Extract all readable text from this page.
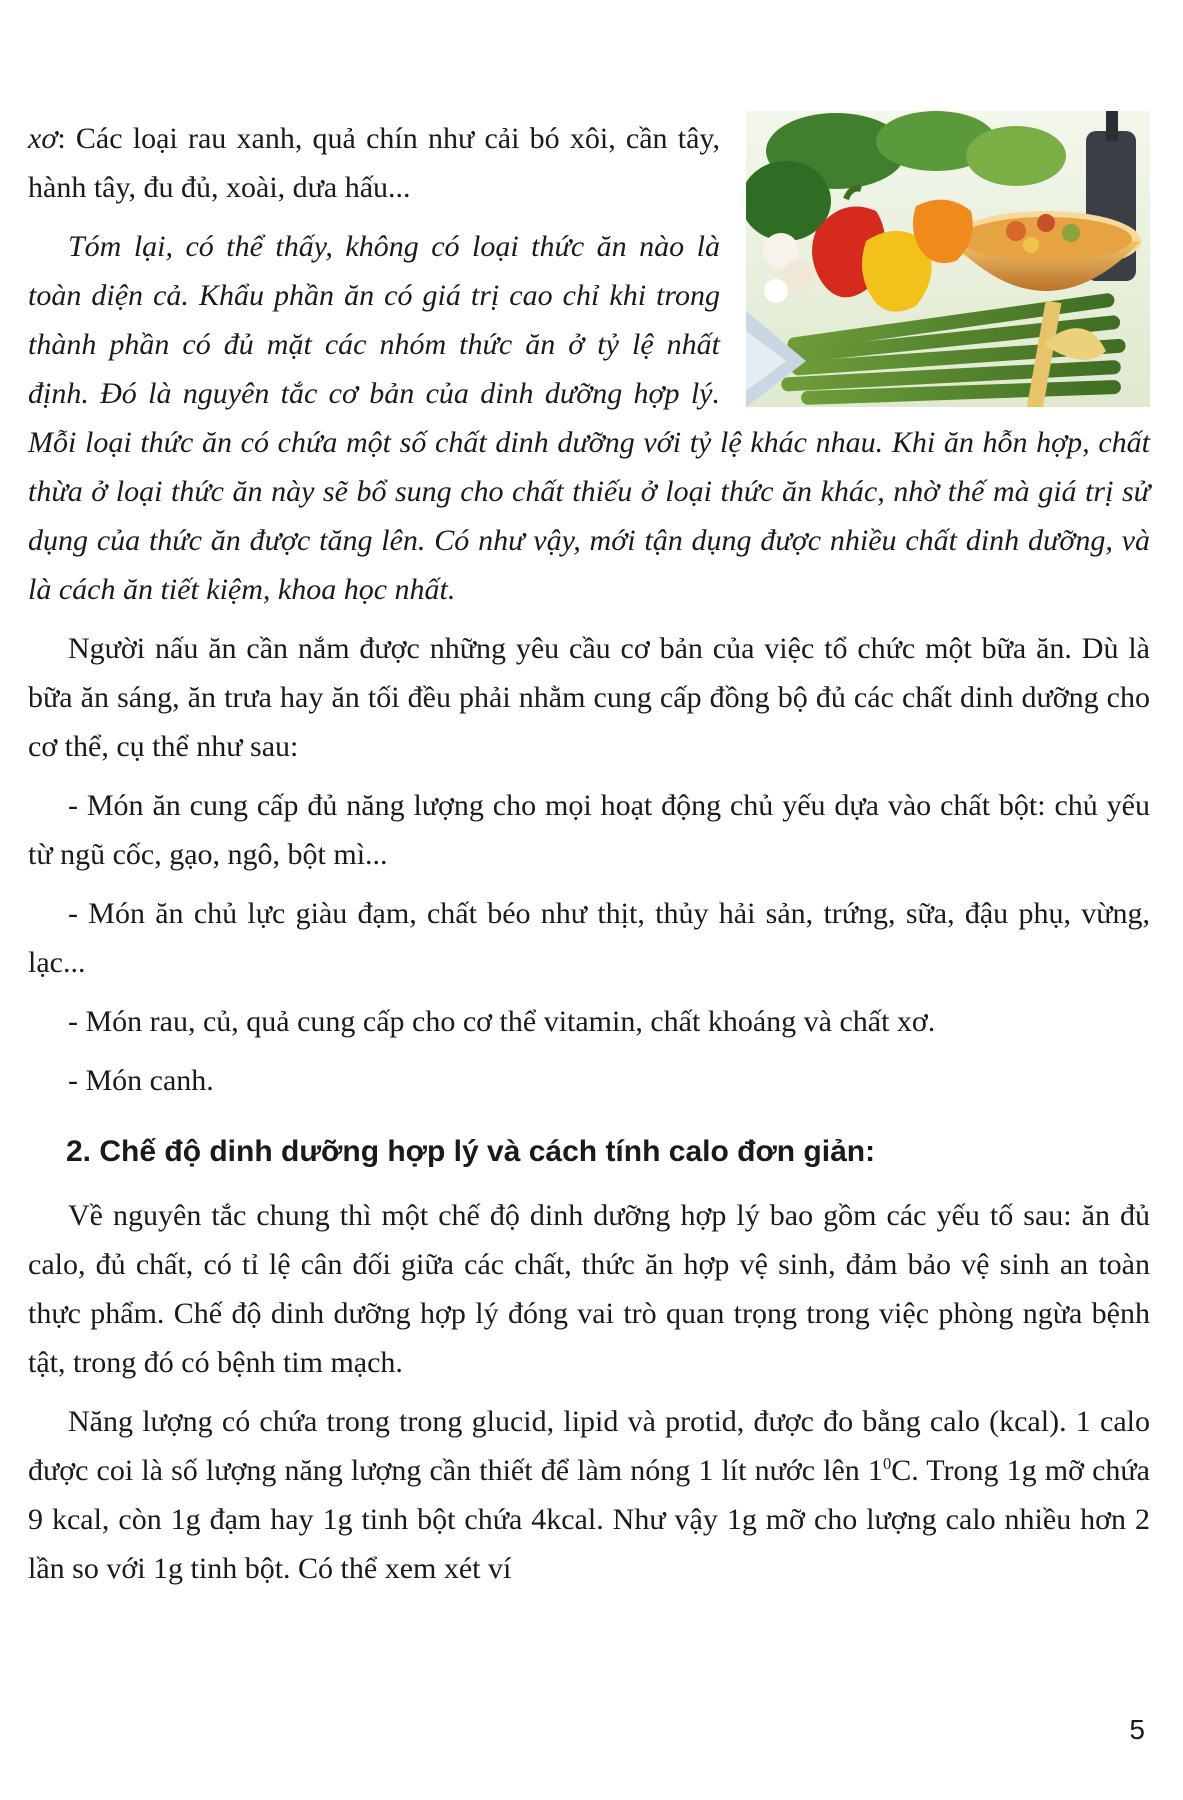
xơ: Các loại rau xanh, quả chín như cải bó xôi, cần tây, hành tây, đu đủ, xoài, dưa hấu...

Tóm lại, có thể thấy, không có loại thức ăn nào là toàn diện cả. Khẩu phần ăn có giá trị cao chỉ khi trong thành phần có đủ mặt các nhóm thức ăn ở tỷ lệ nhất định. Đó là nguyên tắc cơ bản của dinh dưỡng hợp lý. Mỗi loại thức ăn có chứa một số chất dinh dưỡng với tỷ lệ khác nhau. Khi ăn hỗn hợp, chất thừa ở loại thức ăn này sẽ bổ sung cho chất thiếu ở loại thức ăn khác, nhờ thế mà giá trị sử dụng của thức ăn được tăng lên. Có như vậy, mới tận dụng được nhiều chất dinh dưỡng, và là cách ăn tiết kiệm, khoa học nhất.

Người nấu ăn cần nắm được những yêu cầu cơ bản của việc tổ chức một bữa ăn. Dù là bữa ăn sáng, ăn trưa hay ăn tối đều phải nhằm cung cấp đồng bộ đủ các chất dinh dưỡng cho cơ thể, cụ thể như sau:

- Món ăn cung cấp đủ năng lượng cho mọi hoạt động chủ yếu dựa vào chất bột: chủ yếu từ ngũ cốc, gạo, ngô, bột mì...

- Món ăn chủ lực giàu đạm, chất béo như thịt, thủy hải sản, trứng, sữa, đậu phụ, vừng, lạc...

- Món rau, củ, quả cung cấp cho cơ thể vitamin, chất khoáng và chất xơ.

- Món canh.

2. Chế độ dinh dưỡng hợp lý và cách tính calo đơn giản:

Về nguyên tắc chung thì một chế độ dinh dưỡng hợp lý bao gồm các yếu tố sau: ăn đủ calo, đủ chất, có tỉ lệ cân đối giữa các chất, thức ăn hợp vệ sinh, đảm bảo vệ sinh an toàn thực phẩm. Chế độ dinh dưỡng hợp lý đóng vai trò quan trọng trong việc phòng ngừa bệnh tật, trong đó có bệnh tim mạch.

Năng lượng có chứa trong trong glucid, lipid và protid, được đo bằng calo (kcal). 1 calo được coi là số lượng năng lượng cần thiết để làm nóng 1 lít nước lên $1^0C$. Trong 1g mỡ chứa 9 kcal, còn 1g đạm hay 1g tinh bột chứa 4kcal. Như vậy 1g mỡ cho lượng calo nhiều hơn 2 lần so với 1g tinh bột. Có thể xem xét ví

5
